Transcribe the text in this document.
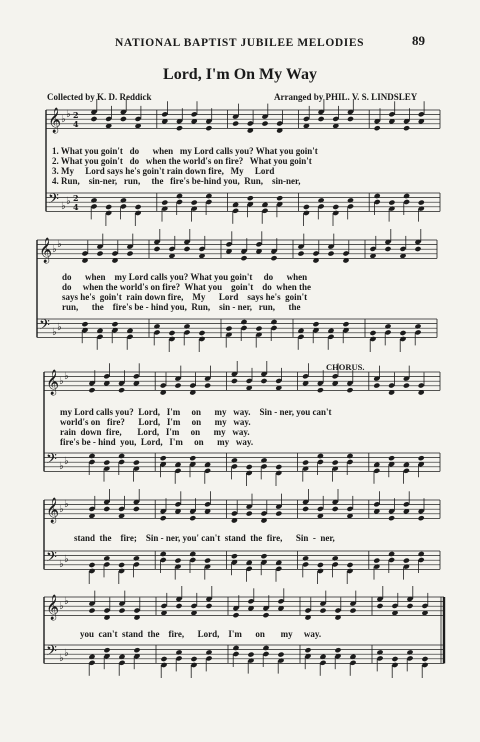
NATIONAL BAPTIST JUBILEE MELODIES	89
Lord, I'm On My Way
Collected by K. D. Reddick	Arranged by PHIL. V. S. LINDSLEY
𝄞
𝄢
♭
♭
♭
♭
2
4
2
4
𝄞
𝄢
♭
♭
♭
♭
𝄞
𝄢
♭
♭
♭
♭
𝄞
𝄢
♭
♭
♭
♭
𝄞
𝄢
♭
♭
♭
♭
1. What you goin't   do      when   my Lord calls you? What you goin't
2. What you goin't   do   when the world's on fire?   What you goin't
3. My     Lord says he's goin't rain down fire,   My     Lord
4. Run,    sin-ner,   run,     the   fire's be-hind you,  Run,    sin-ner,
do      when    my Lord calls you? What you goin't     do      when
do     when the world's on fire?  What you    goin't    do  when the
says he's  goin't  rain down fire,    My      Lord    says he's  goin't
run,      the    fire's be - hind you,  Run,    sin - ner,   run,      the
CHORUS.
my Lord calls you?  Lord,   I'm     on      my   way.    Sin - ner, you can't
world's on   fire?      Lord,   I'm     on      my   way.
rain  down  fire,       Lord,   I'm     on      my   way.
fire's be - hind  you,  Lord,   I'm     on      my   way.
stand  the    fire;    Sin - ner, you' can't  stand  the  fire,      Sin  -  ner,
you  can't  stand  the    fire,      Lord,    I'm      on       my     way.
